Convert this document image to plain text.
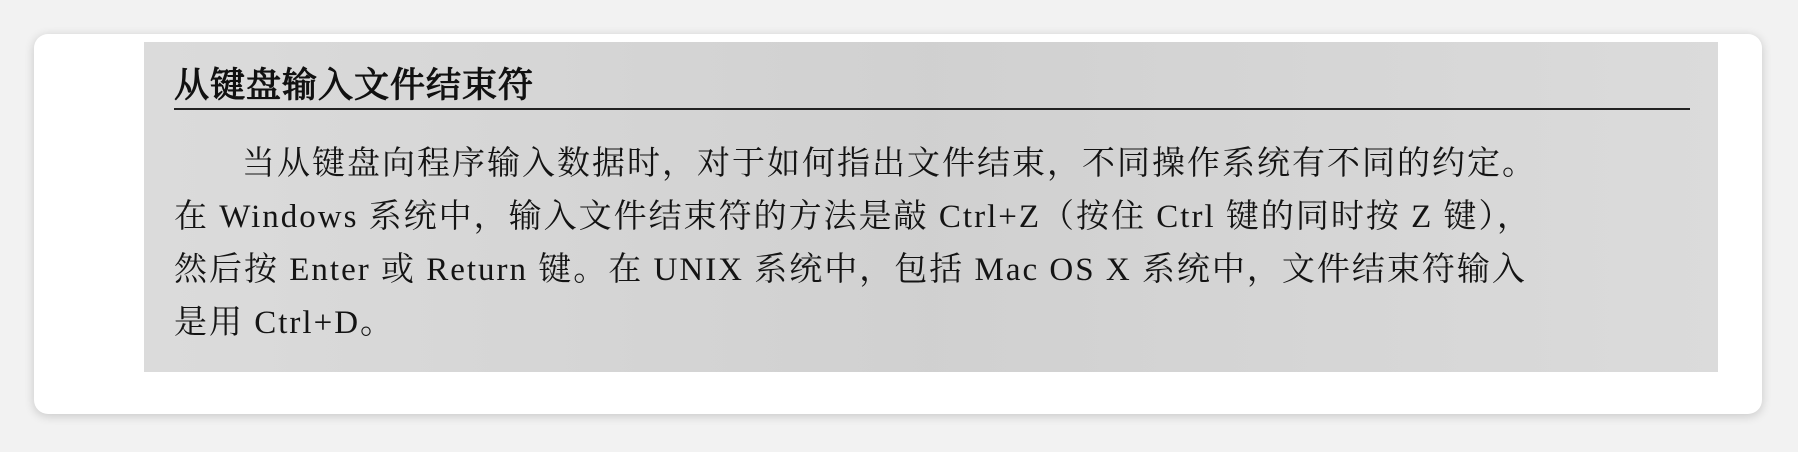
从键盘输入文件结束符
当从键盘向程序输入数据时，对于如何指出文件结束，不同操作系统有不同的约定。
在 Windows 系统中，输入文件结束符的方法是敲 Ctrl+Z（按住 Ctrl 键的同时按 Z 键），
然后按 Enter 或 Return 键。在 UNIX 系统中，包括 Mac OS X 系统中，文件结束符输入
是用 Ctrl+D。
